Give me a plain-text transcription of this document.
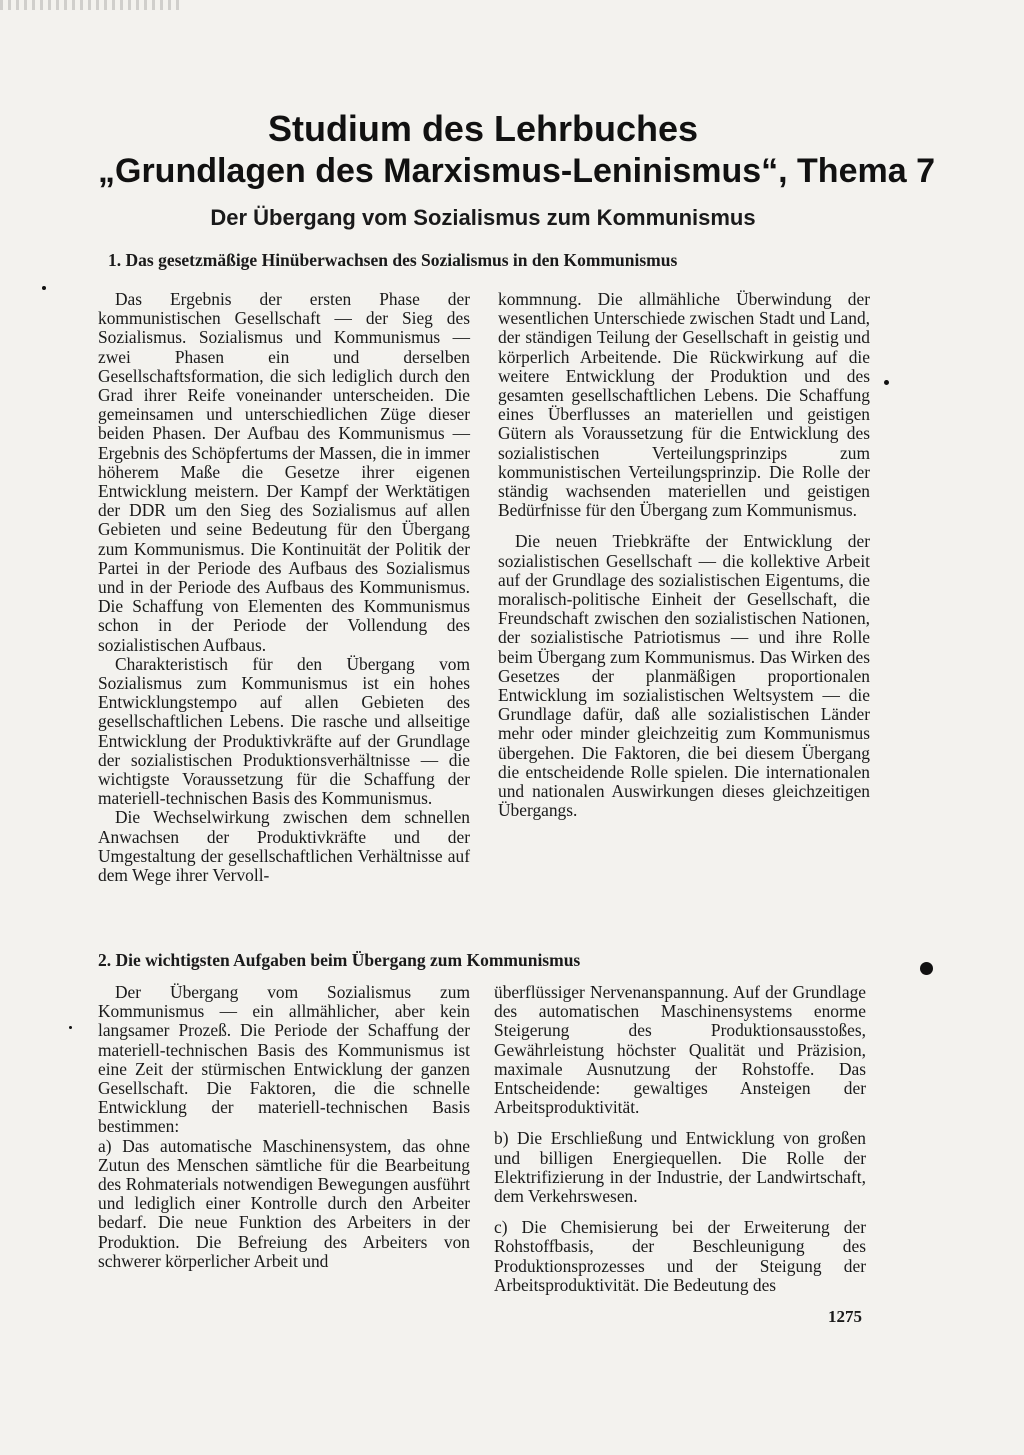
Studium des Lehrbuches
„Grundlagen des Marxismus-Leninismus“, Thema 7
Der Übergang vom Sozialismus zum Kommunismus
1. Das gesetzmäßige Hinüberwachsen des Sozialismus in den Kommunismus

Das Ergebnis der ersten Phase der kommunistischen Gesellschaft — der Sieg des Sozialismus. Sozialismus und Kommunismus — zwei Phasen ein und derselben Gesellschaftsformation, die sich lediglich durch den Grad ihrer Reife voneinander unterscheiden. Die gemeinsamen und unterschiedlichen Züge dieser beiden Phasen. Der Aufbau des Kommunismus — Ergebnis des Schöpfertums der Massen, die in immer höherem Maße die Gesetze ihrer eigenen Entwicklung meistern. Der Kampf der Werktätigen der DDR um den Sieg des Sozialismus auf allen Gebieten und seine Bedeutung für den Übergang zum Kommunismus. Die Kontinuität der Politik der Partei in der Periode des Aufbaus des Sozialismus und in der Periode des Aufbaus des Kommunismus. Die Schaffung von Elementen des Kommunismus schon in der Periode der Vollendung des sozialistischen Aufbaus.

Charakteristisch für den Übergang vom Sozialismus zum Kommunismus ist ein hohes Entwicklungstempo auf allen Gebieten des gesellschaftlichen Lebens. Die rasche und allseitige Entwicklung der Produktivkräfte auf der Grundlage der sozialistischen Produktionsverhältnisse — die wichtigste Voraussetzung für die Schaffung der materiell-technischen Basis des Kommunismus.

Die Wechselwirkung zwischen dem schnellen Anwachsen der Produktivkräfte und der Umgestaltung der gesellschaftlichen Verhältnisse auf dem Wege ihrer Vervoll-

kommnung. Die allmähliche Überwindung der wesentlichen Unterschiede zwischen Stadt und Land, der ständigen Teilung der Gesellschaft in geistig und körperlich Arbeitende. Die Rückwirkung auf die weitere Entwicklung der Produktion und des gesamten gesellschaftlichen Lebens. Die Schaffung eines Überflusses an materiellen und geistigen Gütern als Voraussetzung für die Entwicklung des sozialistischen Verteilungsprinzips zum kommunistischen Verteilungsprinzip. Die Rolle der ständig wachsenden materiellen und geistigen Bedürfnisse für den Übergang zum Kommunismus.

Die neuen Triebkräfte der Entwicklung der sozialistischen Gesellschaft — die kollektive Arbeit auf der Grundlage des sozialistischen Eigentums, die moralisch-politische Einheit der Gesellschaft, die Freundschaft zwischen den sozialistischen Nationen, der sozialistische Patriotismus — und ihre Rolle beim Übergang zum Kommunismus. Das Wirken des Gesetzes der planmäßigen proportionalen Entwicklung im sozialistischen Weltsystem — die Grundlage dafür, daß alle sozialistischen Länder mehr oder minder gleichzeitig zum Kommunismus übergehen. Die Faktoren, die bei diesem Übergang die entscheidende Rolle spielen. Die internationalen und nationalen Auswirkungen dieses gleichzeitigen Übergangs.

2. Die wichtigsten Aufgaben beim Übergang zum Kommunismus

Der Übergang vom Sozialismus zum Kommunismus — ein allmählicher, aber kein langsamer Prozeß. Die Periode der Schaffung der materiell-technischen Basis des Kommunismus ist eine Zeit der stürmischen Entwicklung der ganzen Gesellschaft. Die Faktoren, die die schnelle Entwicklung der materiell-technischen Basis bestimmen:

a) Das automatische Maschinensystem, das ohne Zutun des Menschen sämtliche für die Bearbeitung des Rohmaterials notwendigen Bewegungen ausführt und lediglich einer Kontrolle durch den Arbeiter bedarf. Die neue Funktion des Arbeiters in der Produktion. Die Befreiung des Arbeiters von schwerer körperlicher Arbeit und

überflüssiger Nervenanspannung. Auf der Grundlage des automatischen Maschinensystems enorme Steigerung des Produktionsausstoßes, Gewährleistung höchster Qualität und Präzision, maximale Ausnutzung der Rohstoffe. Das Entscheidende: gewaltiges Ansteigen der Arbeitsproduktivität.

b) Die Erschließung und Entwicklung von großen und billigen Energiequellen. Die Rolle der Elektrifizierung in der Industrie, der Landwirtschaft, dem Verkehrswesen.

c) Die Chemisierung bei der Erweiterung der Rohstoffbasis, der Beschleunigung des Produktionsprozesses und der Steigung der Arbeitsproduktivität. Die Bedeutung des

1275
